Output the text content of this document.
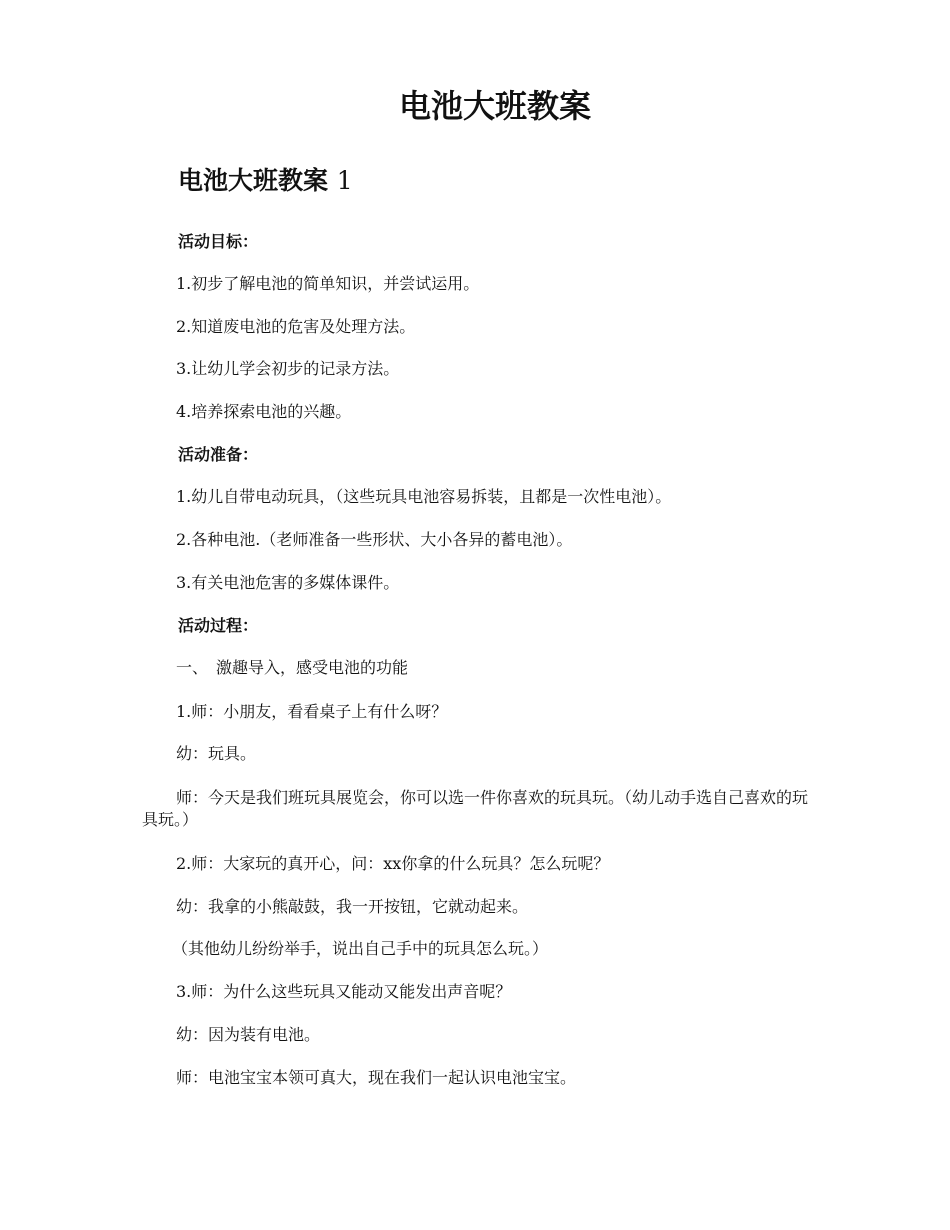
电池大班教案
电池大班教案 1

活动目标：

1.初步了解电池的简单知识，并尝试运用。

2.知道废电池的危害及处理方法。

3.让幼儿学会初步的记录方法。

4.培养探索电池的兴趣。

活动准备：

1.幼儿自带电动玩具，（这些玩具电池容易拆装，且都是一次性电池）。

2.各种电池.（老师准备一些形状、大小各异的蓄电池）。

3.有关电池危害的多媒体课件。

活动过程：

一、　激趣导入，感受电池的功能

1.师：小朋友，看看桌子上有什么呀？

幼：玩具。

师：今天是我们班玩具展览会，你可以选一件你喜欢的玩具玩。（幼儿动手选自己喜欢的玩具玩。）

2.师：大家玩的真开心，问：xx你拿的什么玩具？怎么玩呢？

幼：我拿的小熊敲鼓，我一开按钮，它就动起来。

（其他幼儿纷纷举手，说出自己手中的玩具怎么玩。）

3.师：为什么这些玩具又能动又能发出声音呢？

幼：因为装有电池。

师：电池宝宝本领可真大，现在我们一起认识电池宝宝。
